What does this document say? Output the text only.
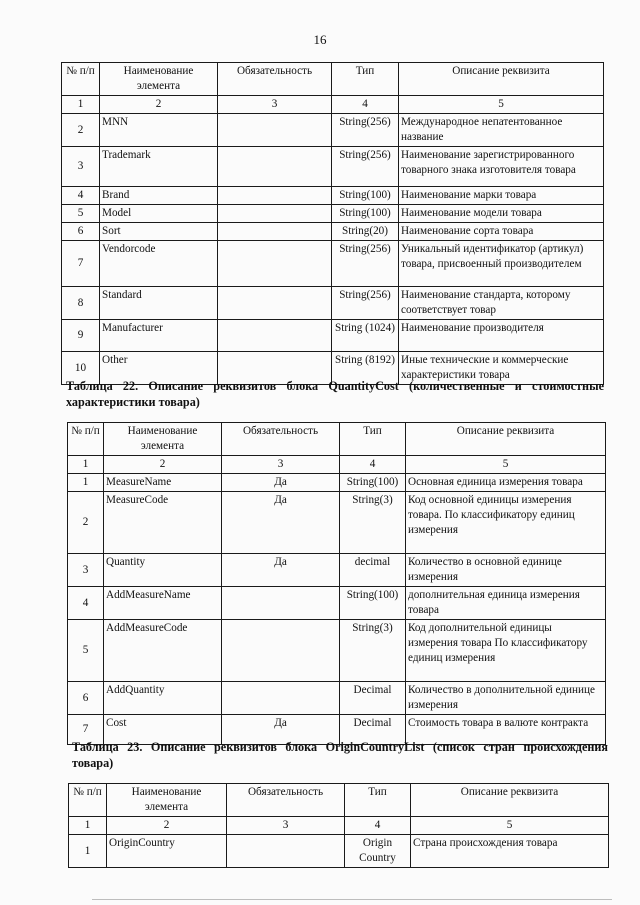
16
№ п/п	Наименование элемента	Обязательность	Тип	Описание реквизита
1	2	3	4	5
2	MNN		String(256)	Международное непатентованное название
3	Trademark		String(256)	Наименование зарегистрированного товарного знака изготовителя товара
4	Brand		String(100)	Наименование марки товара
5	Model		String(100)	Наименование модели товара
6	Sort		String(20)	Наименование сорта товара
7	Vendorcode		String(256)	Уникальный идентификатор (артикул) товара, присвоенный производителем
8	Standard		String(256)	Наименование стандарта, которому соответствует товар
9	Manufacturer		String (1024)	Наименование производителя
10	Other		String (8192)	Иные технические и коммерческие характеристики товара
Таблица 22. Описание реквизитов блока QuantityCost (количественные и стоимостные характеристики товара)
№ п/п	Наименование элемента	Обязательность	Тип	Описание реквизита
1	2	3	4	5
1	MeasureName	Да	String(100)	Основная единица измерения товара
2	MeasureCode	Да	String(3)	Код основной единицы измерения товара. По классификатору единиц измерения
3	Quantity	Да	decimal	Количество в основной единице измерения
4	AddMeasureName		String(100)	дополнительная единица измерения товара
5	AddMeasureCode		String(3)	Код дополнительной единицы измерения товара По классификатору единиц измерения
6	AddQuantity		Decimal	Количество в дополнительной единице измерения
7	Cost	Да	Decimal	Стоимость товара в валюте контракта
Таблица 23. Описание реквизитов блока OriginCountryList (список стран происхождения товара)
№ п/п	Наименование элемента	Обязательность	Тип	Описание реквизита
1	2	3	4	5
1	OriginCountry		Origin Country	Страна происхождения товара
